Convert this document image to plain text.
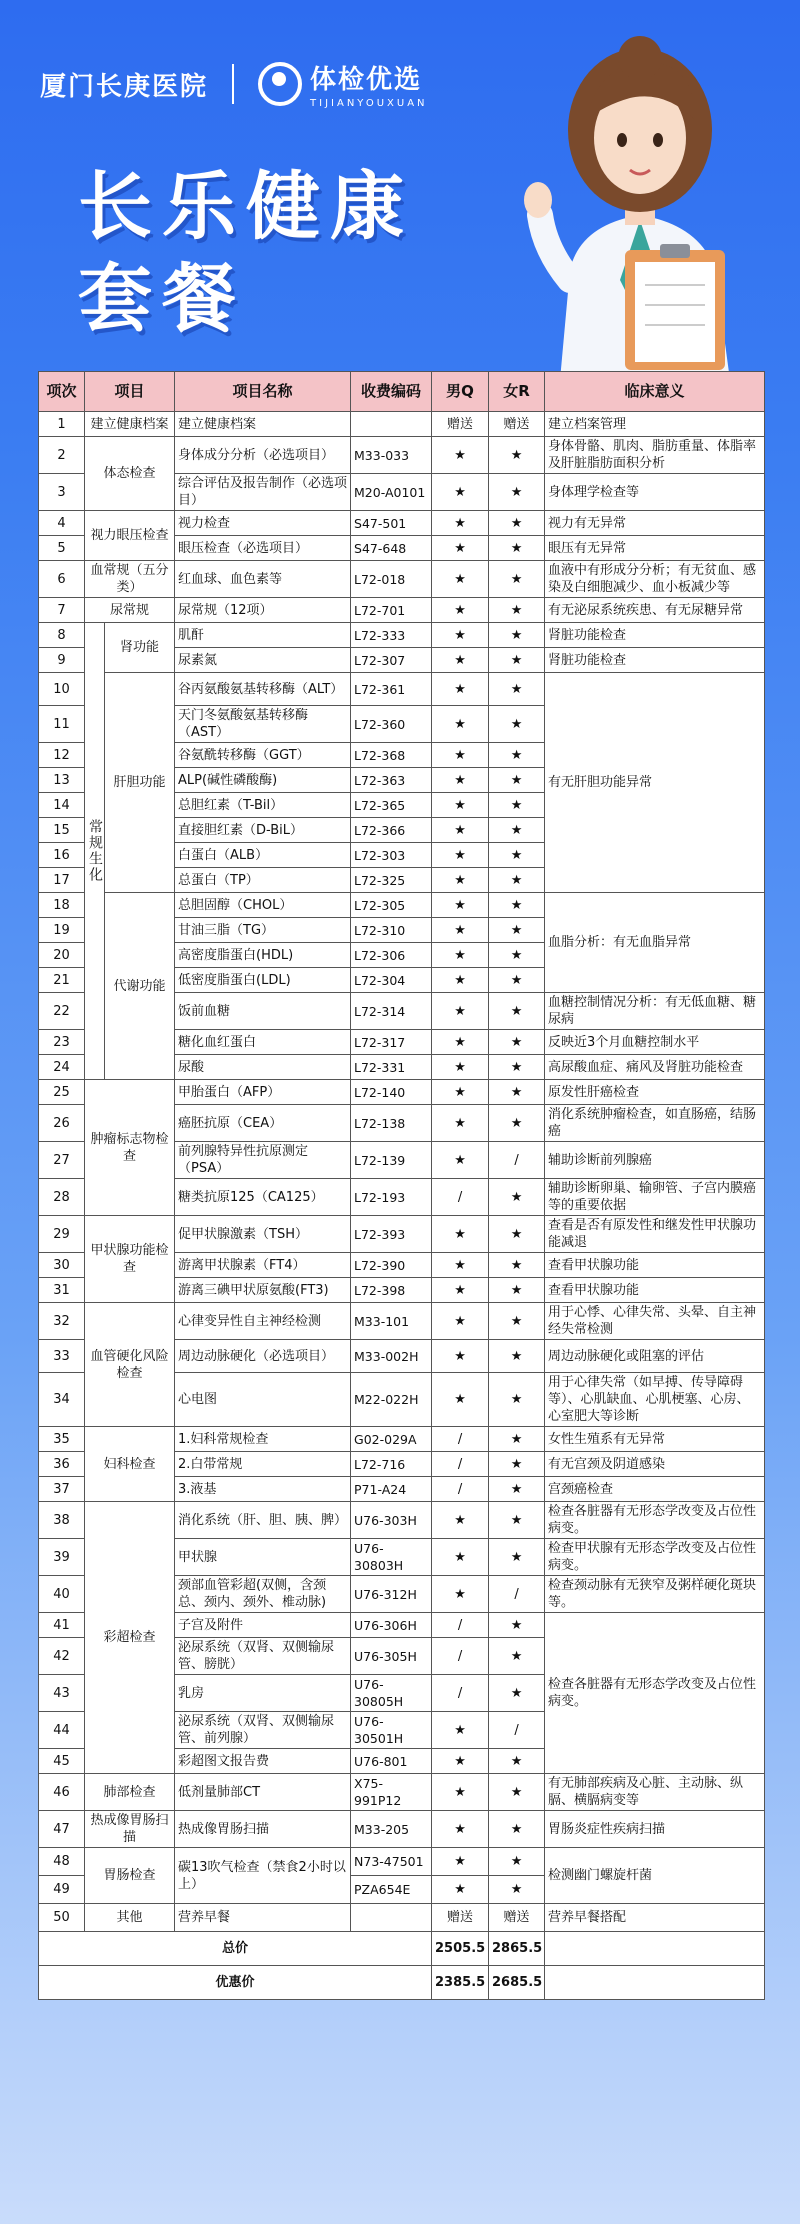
厦门长庚医院	体检优选
TIJIANYOUXUAN
长乐健康
套餐
项次	项目		项目名称	收费编码	男Q	女R	临床意义
1	建立健康档案		建立健康档案		赠送	赠送	建立档案管理
2	体态检查		身体成分分析（必选项目）	M33-033	★	★	身体骨骼、肌肉、脂肪重量、体脂率及肝脏脂肪面积分析
3			综合评估及报告制作（必选项目）	M20-A0101	★	★	身体理学检查等
4	视力眼压检查		视力检查	S47-501	★	★	视力有无异常
5			眼压检查（必选项目）	S47-648	★	★	眼压有无异常
6	血常规（五分类）		红血球、血色素等	L72-018	★	★	血液中有形成分分析；有无贫血、感染及白细胞减少、血小板减少等
7	尿常规		尿常规（12项）	L72-701	★	★	有无泌尿系统疾患、有无尿糖异常
8	常规生化	肾功能	肌酐	L72-333	★	★	肾脏功能检查
9			尿素氮	L72-307	★	★	肾脏功能检查
10		肝胆功能	谷丙氨酸氨基转移酶（ALT）	L72-361	★	★	有无肝胆功能异常
11			天门冬氨酸氨基转移酶（AST）	L72-360	★	★	
12			谷氨酰转移酶（GGT）	L72-368	★	★	
13			ALP(碱性磷酸酶)	L72-363	★	★	
14			总胆红素（T-Bil）	L72-365	★	★	
15			直接胆红素（D-BiL）	L72-366	★	★	
16			白蛋白（ALB）	L72-303	★	★	
17			总蛋白（TP）	L72-325	★	★	
18		代谢功能	总胆固醇（CHOL）	L72-305	★	★	血脂分析：有无血脂异常
19			甘油三脂（TG）	L72-310	★	★	
20			高密度脂蛋白(HDL)	L72-306	★	★	
21			低密度脂蛋白(LDL)	L72-304	★	★	
22			饭前血糖	L72-314	★	★	血糖控制情况分析：有无低血糖、糖尿病
23			糖化血红蛋白	L72-317	★	★	反映近3个月血糖控制水平
24			尿酸	L72-331	★	★	高尿酸血症、痛风及肾脏功能检查
25	肿瘤标志物检查		甲胎蛋白（AFP）	L72-140	★	★	原发性肝癌检查
26			癌胚抗原（CEA）	L72-138	★	★	消化系统肿瘤检查，如直肠癌，结肠癌
27			前列腺特异性抗原测定（PSA）	L72-139	★	/	辅助诊断前列腺癌
28			糖类抗原125（CA125）	L72-193	/	★	辅助诊断卵巢、输卵管、子宫内膜癌等的重要依据
29	甲状腺功能检查		促甲状腺激素（TSH）	L72-393	★	★	查看是否有原发性和继发性甲状腺功能减退
30			游离甲状腺素（FT4）	L72-390	★	★	查看甲状腺功能
31			游离三碘甲状原氨酸(FT3)	L72-398	★	★	查看甲状腺功能
32	血管硬化风险检查		心律变异性自主神经检测	M33-101	★	★	用于心悸、心律失常、头晕、自主神经失常检测
33			周边动脉硬化（必选项目）	M33-002H	★	★	周边动脉硬化或阻塞的评估
34			心电图	M22-022H	★	★	用于心律失常（如早搏、传导障碍等）、心肌缺血、心肌梗塞、心房、心室肥大等诊断
35	妇科检查		1.妇科常规检查	G02-029A	/	★	女性生殖系有无异常
36			2.白带常规	L72-716	/	★	有无宫颈及阴道感染
37			3.液基	P71-A24	/	★	宫颈癌检查
38	彩超检查		消化系统（肝、胆、胰、脾）	U76-303H	★	★	检查各脏器有无形态学改变及占位性病变。
39			甲状腺	U76-30803H	★	★	检查甲状腺有无形态学改变及占位性病变。
40			颈部血管彩超(双侧，含颈总、颈内、颈外、椎动脉)	U76-312H	★	/	检查颈动脉有无狭窄及粥样硬化斑块等。
41			子宫及附件	U76-306H	/	★	检查各脏器有无形态学改变及占位性病变。
42			泌尿系统（双肾、双侧输尿管、膀胱）	U76-305H	/	★	
43			乳房	U76-30805H	/	★	
44			泌尿系统（双肾、双侧输尿管、前列腺）	U76-30501H	★	/	
45			彩超图文报告费	U76-801	★	★	
46	肺部检查		低剂量肺部CT	X75-991P12	★	★	有无肺部疾病及心脏、主动脉、纵膈、横膈病变等
47	热成像胃肠扫描		热成像胃肠扫描	M33-205	★	★	胃肠炎症性疾病扫描
48	胃肠检查		碳13吹气检查（禁食2小时以上）	N73-47501	★	★	检测幽门螺旋杆菌
49				PZA654E	★	★	
50	其他		营养早餐		赠送	赠送	营养早餐搭配
总价					2505.5	2865.5	
优惠价					2385.5	2685.5	
